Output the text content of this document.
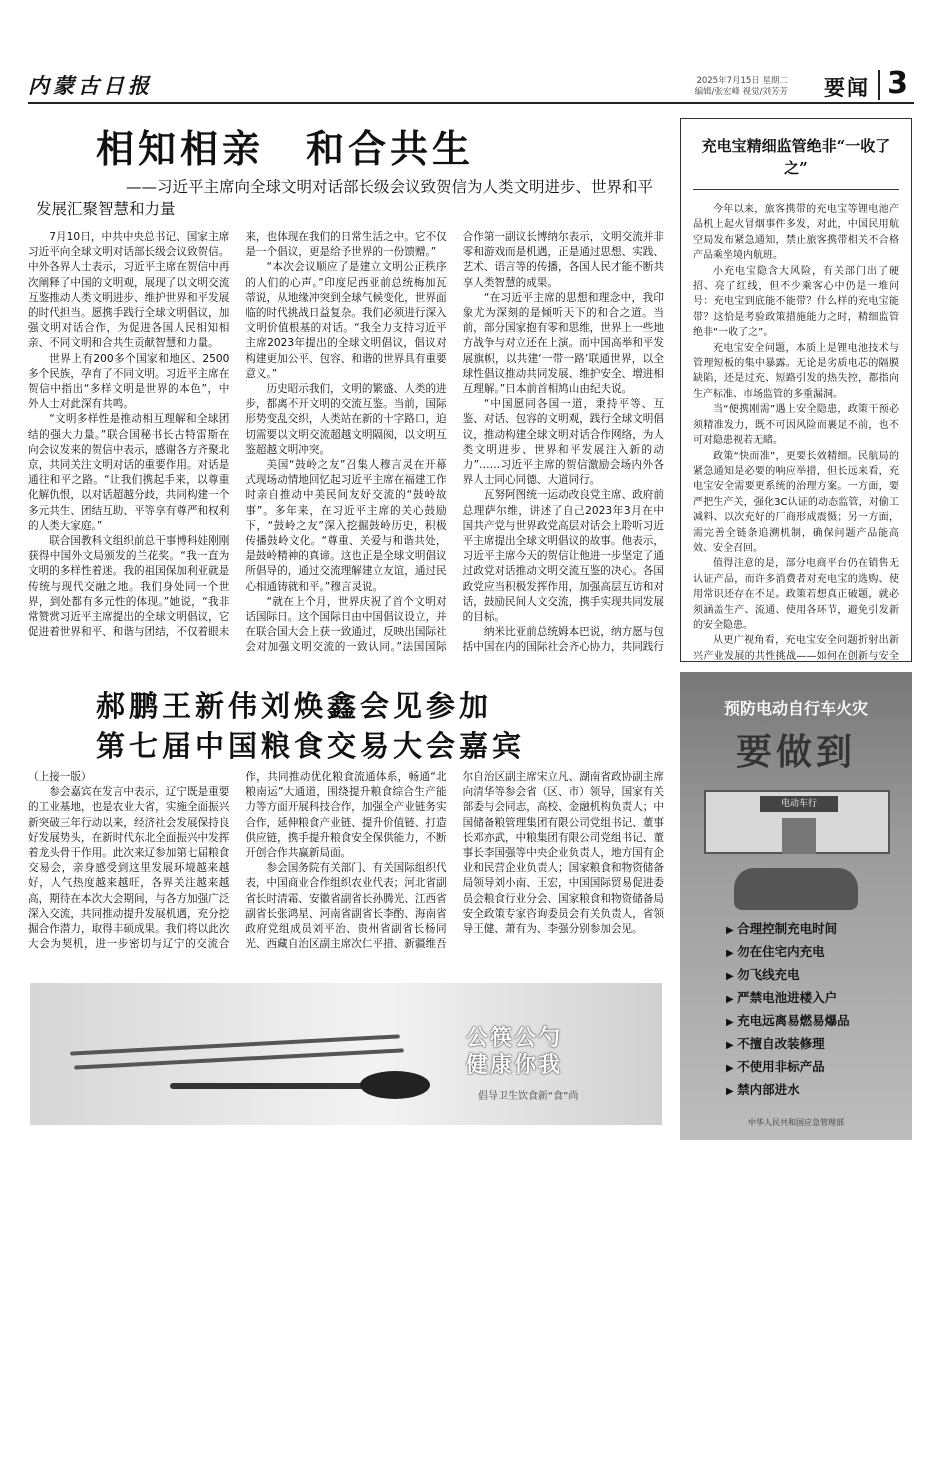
内蒙古日报	2025年7月15日 星期二
编辑/张宏峰 视觉/刘芳芳 要闻 3
相知相亲　和合共生
——习近平主席向全球文明对话部长级会议致贺信为人类文明进步、世界和平发展汇聚智慧和力量

7月10日，中共中央总书记、国家主席习近平向全球文明对话部长级会议致贺信。中外各界人士表示，习近平主席在贺信中再次阐释了中国的文明观，展现了以文明交流互鉴推动人类文明进步、维护世界和平发展的时代担当。愿携手践行全球文明倡议，加强文明对话合作，为促进各国人民相知相亲、不同文明和合共生贡献智慧和力量。

世界上有200多个国家和地区、2500多个民族，孕育了不同文明。习近平主席在贺信中指出“多样文明是世界的本色”，中外人士对此深有共鸣。

“文明多样性是推动相互理解和全球团结的强大力量。”联合国秘书长古特雷斯在向会议发来的贺信中表示，感谢各方齐聚北京，共同关注文明对话的重要作用。对话是通往和平之路。“让我们携起手来，以尊重化解仇恨，以对话超越分歧，共同构建一个多元共生、团结互助、平等享有尊严和权利的人类大家庭。”

联合国教科文组织前总干事博科娃刚刚获得中国外文局颁发的兰花奖。“我一直为文明的多样性着迷。我的祖国保加利亚就是传统与现代交融之地。我们身处同一个世界，到处都有多元性的体现。”她说，“我非常赞赏习近平主席提出的全球文明倡议，它促进着世界和平、和谐与团结，不仅着眼未来，也体现在我们的日常生活之中。它不仅是一个倡议，更是给予世界的一份馈赠。”

“本次会议顺应了是建立文明公正秩序的人们的心声。”印度尼西亚前总统梅加瓦蒂说，从地缘冲突到全球气候变化，世界面临的时代挑战日益复杂。我们必须进行深入文明价值根基的对话。“我全力支持习近平主席2023年提出的全球文明倡议，倡议对构建更加公平、包容、和谐的世界具有重要意义。”

历史昭示我们，文明的繁盛、人类的进步，都离不开文明的交流互鉴。当前，国际形势变乱交织，人类站在新的十字路口，迫切需要以文明交流超越文明隔阂，以文明互鉴超越文明冲突。

美国“鼓岭之友”召集人穆言灵在开幕式现场动情地回忆起习近平主席在福建工作时亲自推动中美民间友好交流的“鼓岭故事”。多年来，在习近平主席的关心鼓励下，“鼓岭之友”深入挖掘鼓岭历史，积极传播鼓岭文化。“尊重、关爱与和谐共处，是鼓岭精神的真谛。这也正是全球文明倡议所倡导的，通过交流理解建立友谊，通过民心相通铸就和平。”穆言灵说。

“就在上个月，世界庆祝了首个文明对话国际日。这个国际日由中国倡议设立，并在联合国大会上获一致通过，反映出国际社会对加强文明交流的一致认同。”法国国际合作第一副议长博纳尔表示，文明交流并非零和游戏而是机遇，正是通过思想、实践、艺术、语言等的传播，各国人民才能不断共享人类智慧的成果。

“在习近平主席的思想和理念中，我印象尤为深刻的是倾听天下的和合之道。当前，部分国家抱有零和思维，世界上一些地方战争与对立还在上演。而中国高举和平发展旗帜，以共建‘一带一路’联通世界，以全球性倡议推动共同发展、维护安全、增进相互理解。”日本前首相鸠山由纪夫说。

“中国愿同各国一道，秉持平等、互鉴、对话、包容的文明观，践行全球文明倡议，推动构建全球文明对话合作网络，为人类文明进步、世界和平发展注入新的动力”……习近平主席的贺信激励会场内外各界人士同心同德、大道同行。

瓦努阿图统一运动改良党主席、政府前总理萨尔维，讲述了自己2023年3月在中国共产党与世界政党高层对话会上聆听习近平主席提出全球文明倡议的故事。他表示，习近平主席今天的贺信让他进一步坚定了通过政党对话推动文明交流互鉴的决心。各国政党应当积极发挥作用，加强高层互访和对话，鼓励民间人文交流，携手实现共同发展的目标。

纳米比亚前总统姆本巴说，纳方愿与包括中国在内的国际社会齐心协力，共同践行

充电宝精细监管绝非“一收了之”

今年以来，旅客携带的充电宝等锂电池产品机上起火冒烟事件多发，对此，中国民用航空局发布紧急通知，禁止旅客携带相关不合格产品乘坐境内航班。

小充电宝隐含大风险，有关部门出了硬招、亮了红线，但不少乘客心中仍是一堆问号：充电宝到底能不能带？什么样的充电宝能带？这恰是考验政策措施能力之时，精细监管绝非“一收了之”。

充电宝安全问题，本质上是锂电池技术与管理短板的集中暴露。无论是劣质电芯的隔膜缺陷，还是过充、短路引发的热失控，都指向生产标准、市场监管的多重漏洞。

当“便携刚需”遇上安全隐患，政策干预必须精准发力，既不可因风险而裹足不前，也不可对隐患视若无睹。

政策“快而准”，更要长效精细。民航局的紧急通知是必要的响应举措，但长远来看，充电宝安全需要更系统的治理方案。一方面，要严把生产关，强化3C认证的动态监管，对偷工减料、以次充好的厂商形成震慑；另一方面，需完善全链条追溯机制，确保问题产品能高效、安全召回。

值得注意的是，部分电商平台仍在销售无认证产品，而许多消费者对充电宝的选购、使用常识还存在不足。政策若想真正破题，就必须涵盖生产、流通、使用各环节，避免引发新的安全隐患。

从更广视角看，充电宝安全问题折射出新兴产业发展的共性挑战——如何在创新与安全

郝鹏王新伟刘焕鑫会见参加
第七届中国粮食交易大会嘉宾

（上接一版）

参会嘉宾在发言中表示，辽宁既是重要的工业基地，也是农业大省，实施全面振兴新突破三年行动以来，经济社会发展保持良好发展势头，在新时代东北全面振兴中发挥着龙头骨干作用。此次来辽参加第七届粮食交易会，亲身感受到这里发展环境越来越好，人气热度越来越旺，各界关注越来越高，期待在本次大会期间，与各方加强广泛深入交流，共同推动提升发展机遇，充分挖掘合作潜力，取得丰硕成果。我们将以此次大会为契机，进一步密切与辽宁的交流合作，共同推动优化粮食流通体系，畅通“北粮南运”大通道，围绕提升粮食综合生产能力等方面开展科技合作，加强全产业链务实合作，延伸粮食产业链、提升价值链、打造供应链，携手提升粮食安全保供能力，不断开创合作共赢新局面。

参会国务院有关部门、有关国际组织代表，中国商业合作组织农业代表；河北省副省长时清霜、安徽省副省长孙腾光、江西省副省长张鸿星、河南省副省长李酌、海南省政府党组成员刘平治、贵州省副省长杨同光、西藏自治区副主席次仁平措、新疆维吾尔自治区副主席宋立凡、湖南省政协副主席向清华等参会省（区、市）领导，国家有关部委与会同志，高校、金融机构负责人；中国储备粮管理集团有限公司党组书记、董事长邓亦武，中粮集团有限公司党组书记、董事长李国强等中央企业负责人，地方国有企业和民营企业负责人；国家粮食和物资储备局领导刘小南、王宏，中国国际贸易促进委员会粮食行业分会、国家粮食和物资储备局安全政策专家咨询委员会有关负责人，省领导王健、萧有为、李强分别参加会见。

公筷公勺
健康你我
倡导卫生饮食新“食”尚
预防电动自行车火灾
要做到
电动车行
▶ 合理控制充电时间
▶ 勿在住宅内充电
▶ 勿飞线充电
▶ 严禁电池进楼入户
▶ 充电远离易燃易爆品
▶ 不擅自改装修理
▶ 不使用非标产品
▶ 禁内部进水
中华人民共和国应急管理部
